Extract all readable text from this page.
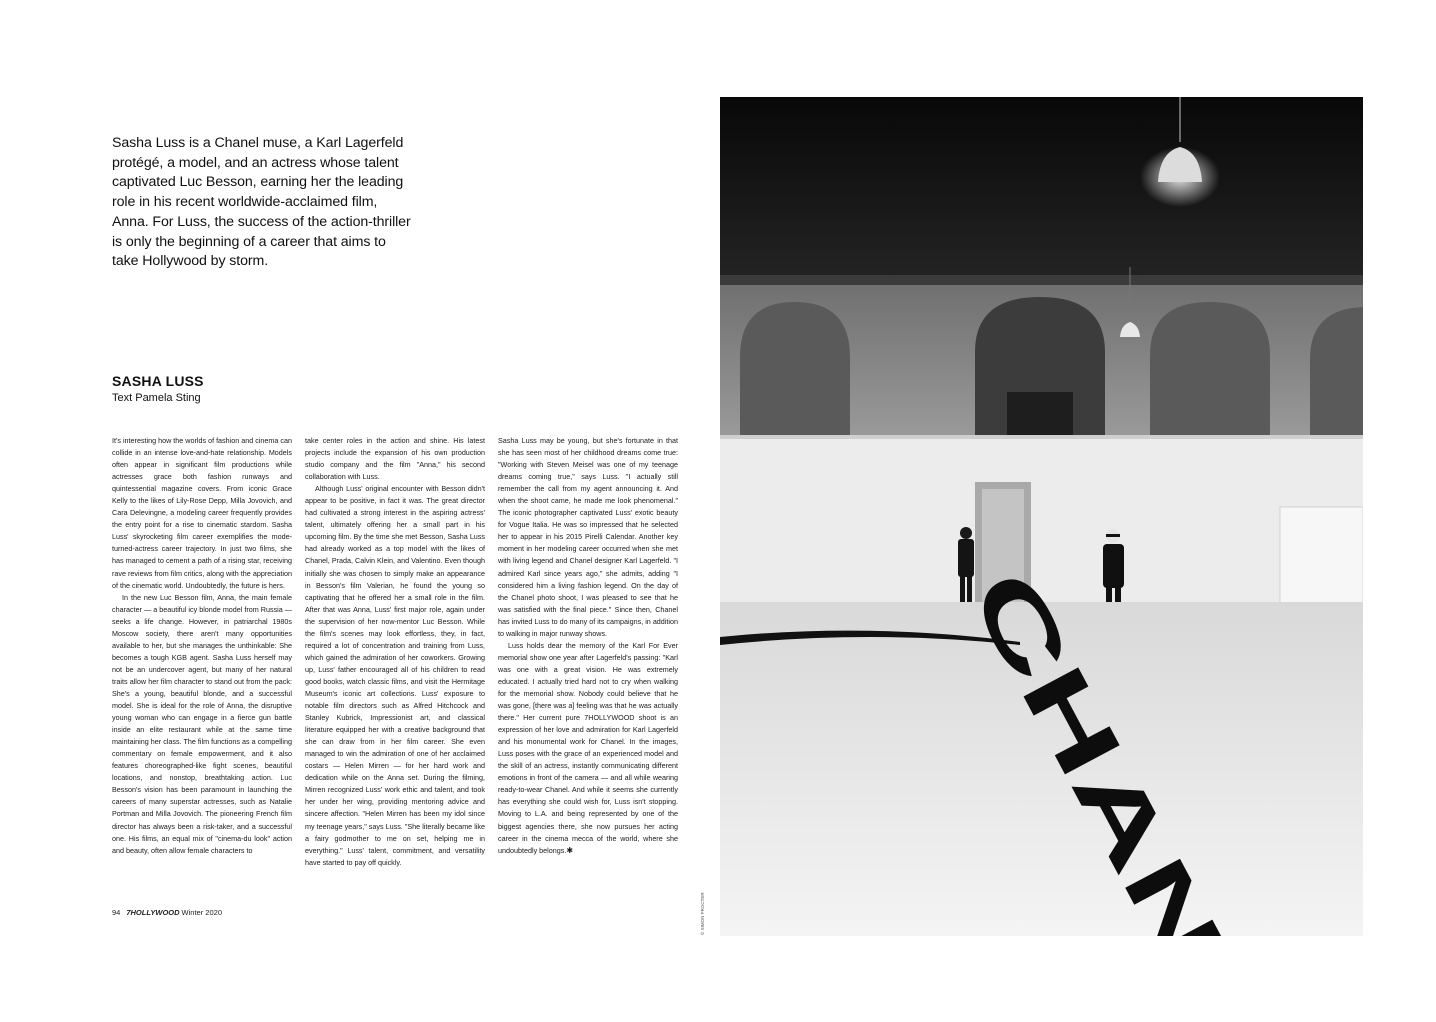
Sasha Luss is a Chanel muse, a Karl Lagerfeld protégé, a model, and an actress whose talent captivated Luc Besson, earning her the leading role in his recent worldwide-acclaimed film, Anna. For Luss, the success of the action-thriller is only the beginning of a career that aims to take Hollywood by storm.
SASHA LUSS
Text Pamela Sting

It's interesting how the worlds of fashion and cinema can collide in an intense love-and-hate relationship. Models often appear in significant film productions while actresses grace both fashion runways and quintessential magazine covers. From iconic Grace Kelly to the likes of Lily-Rose Depp, Milla Jovovich, and Cara Delevingne, a modeling career frequently provides the entry point for a rise to cinematic stardom. Sasha Luss' skyrocketing film career exemplifies the mode-turned-actress career trajectory. In just two films, she has managed to cement a path of a rising star, receiving rave reviews from film critics, along with the appreciation of the cinematic world. Undoubtedly, the future is hers.

In the new Luc Besson film, Anna, the main female character — a beautiful icy blonde model from Russia — seeks a life change. However, in patriarchal 1980s Moscow society, there aren't many opportunities available to her, but she manages the unthinkable: She becomes a tough KGB agent. Sasha Luss herself may not be an undercover agent, but many of her natural traits allow her film character to stand out from the pack: She's a young, beautiful blonde, and a successful model. She is ideal for the role of Anna, the disruptive young woman who can engage in a fierce gun battle inside an elite restaurant while at the same time maintaining her class. The film functions as a compelling commentary on female empowerment, and it also features choreographed-like fight scenes, beautiful locations, and nonstop, breathtaking action. Luc Besson's vision has been paramount in launching the careers of many superstar actresses, such as Natalie Portman and Milla Jovovich. The pioneering French film director has always been a risk-taker, and a successful one. His films, an equal mix of "cinema-du look" action and beauty, often allow female characters to

take center roles in the action and shine. His latest projects include the expansion of his own production studio company and the film "Anna," his second collaboration with Luss.

Although Luss' original encounter with Besson didn't appear to be positive, in fact it was. The great director had cultivated a strong interest in the aspiring actress' talent, ultimately offering her a small part in his upcoming film. By the time she met Besson, Sasha Luss had already worked as a top model with the likes of Chanel, Prada, Calvin Klein, and Valentino. Even though initially she was chosen to simply make an appearance in Besson's film Valerian, he found the young so captivating that he offered her a small role in the film. After that was Anna, Luss' first major role, again under the supervision of her now-mentor Luc Besson. While the film's scenes may look effortless, they, in fact, required a lot of concentration and training from Luss, which gained the admiration of her coworkers. Growing up, Luss' father encouraged all of his children to read good books, watch classic films, and visit the Hermitage Museum's iconic art collections. Luss' exposure to notable film directors such as Alfred Hitchcock and Stanley Kubrick, Impressionist art, and classical literature equipped her with a creative background that she can draw from in her film career. She even managed to win the admiration of one of her acclaimed costars — Helen Mirren — for her hard work and dedication while on the Anna set. During the filming, Mirren recognized Luss' work ethic and talent, and took her under her wing, providing mentoring advice and sincere affection. "Helen Mirren has been my idol since my teenage years," says Luss. "She literally became like a fairy godmother to me on set, helping me in everything." Luss' talent, commitment, and versatility have started to pay off quickly.

Sasha Luss may be young, but she's fortunate in that she has seen most of her childhood dreams come true: "Working with Steven Meisel was one of my teenage dreams coming true," says Luss. "I actually still remember the call from my agent announcing it. And when the shoot came, he made me look phenomenal." The iconic photographer captivated Luss' exotic beauty for Vogue Italia. He was so impressed that he selected her to appear in his 2015 Pirelli Calendar. Another key moment in her modeling career occurred when she met with living legend and Chanel designer Karl Lagerfeld. "I admired Karl since years ago," she admits, adding "I considered him a living fashion legend. On the day of the Chanel photo shoot, I was pleased to see that he was satisfied with the final piece." Since then, Chanel has invited Luss to do many of its campaigns, in addition to walking in major runway shows.

Luss holds dear the memory of the Karl For Ever memorial show one year after Lagerfeld's passing: "Karl was one with a great vision. He was extremely educated. I actually tried hard not to cry when walking for the memorial show. Nobody could believe that he was gone, [there was a] feeling was that he was actually there." Her current pure 7HOLLYWOOD shoot is an expression of her love and admiration for Karl Lagerfeld and his monumental work for Chanel. In the images, Luss poses with the grace of an experienced model and the skill of an actress, instantly communicating different emotions in front of the camera — and all while wearing ready-to-wear Chanel. And while it seems she currently has everything she could wish for, Luss isn't stopping. Moving to L.A. and being represented by one of the biggest agencies there, she now pursues her acting career in the cinema mecca of the world, where she undoubtedly belongs.✱

94 7HOLLYWOOD Winter 2020	© SIMON PROCTER
